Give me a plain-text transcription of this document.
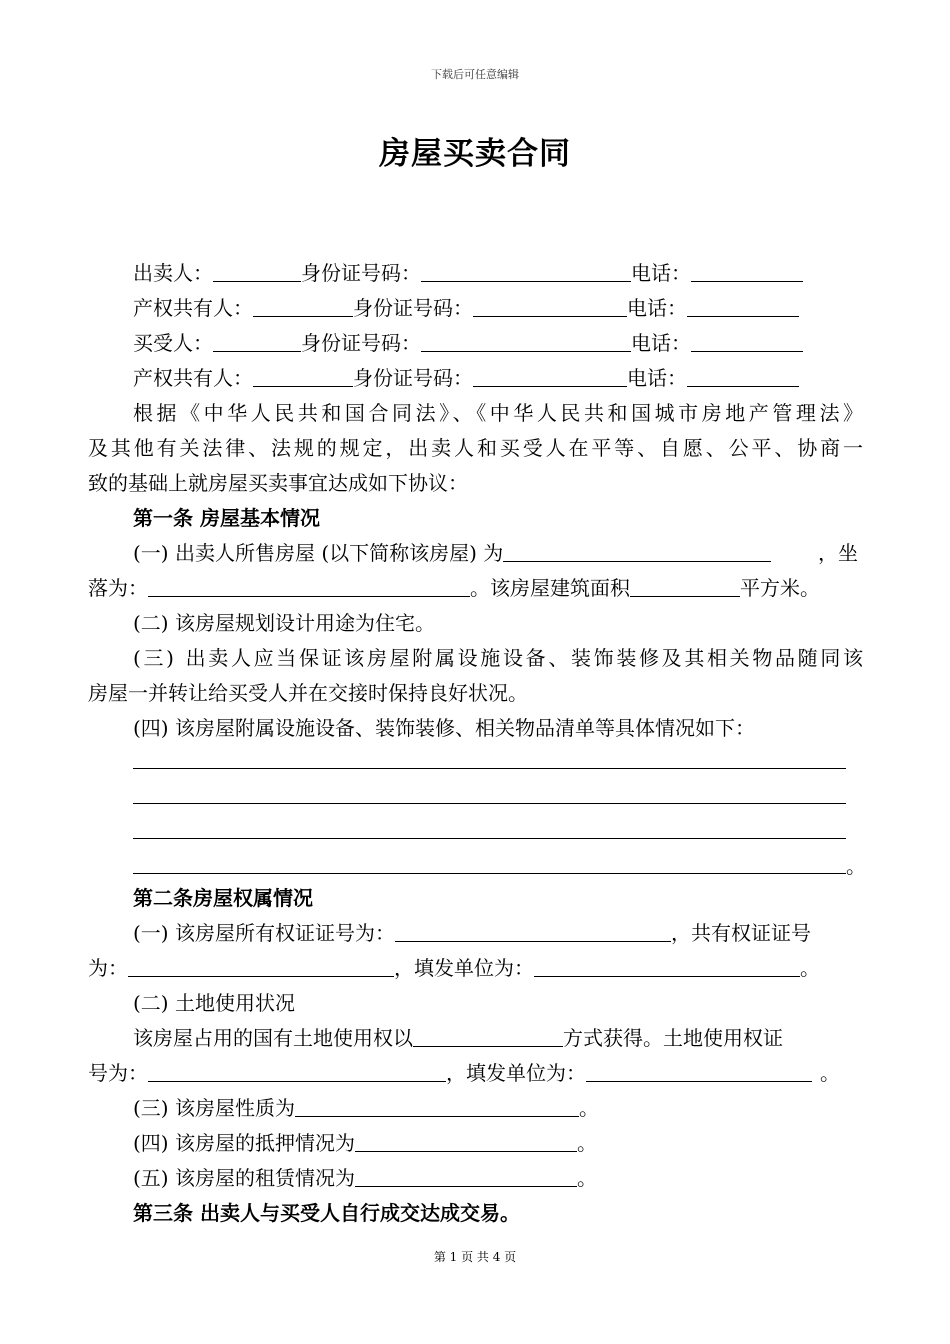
下载后可任意编辑
房屋买卖合同
出卖人：	身份证号码：	电话：
产权共有人：	身份证号码：	电话：
买受人：	身份证号码：	电话：
产权共有人：	身份证号码：	电话：
根据《中华人民共和国合同法》、《中华人民共和国城市房地产管理法》
及其他有关法律、法规的规定，出卖人和买受人在平等、自愿、公平、协商一
致的基础上就房屋买卖事宜达成如下协议：
第一条 房屋基本情况
(一) 出卖人所售房屋 (以下简称该房屋) 为	，坐
落为：	。该房屋建筑面积	平方米。
(二) 该房屋规划设计用途为住宅。
(三) 出卖人应当保证该房屋附属设施设备、装饰装修及其相关物品随同该
房屋一并转让给买受人并在交接时保持良好状况。
(四) 该房屋附属设施设备、装饰装修、相关物品清单等具体情况如下：
。
第二条房屋权属情况
(一) 该房屋所有权证证号为：	，共有权证证号
为：	，填发单位为：	。
(二) 土地使用状况
该房屋占用的国有土地使用权以	方式获得。土地使用权证
号为：	，填发单位为：	。
(三) 该房屋性质为	。
(四) 该房屋的抵押情况为	。
(五) 该房屋的租赁情况为	。
第三条 出卖人与买受人自行成交达成交易。
第 1 页 共 4 页
